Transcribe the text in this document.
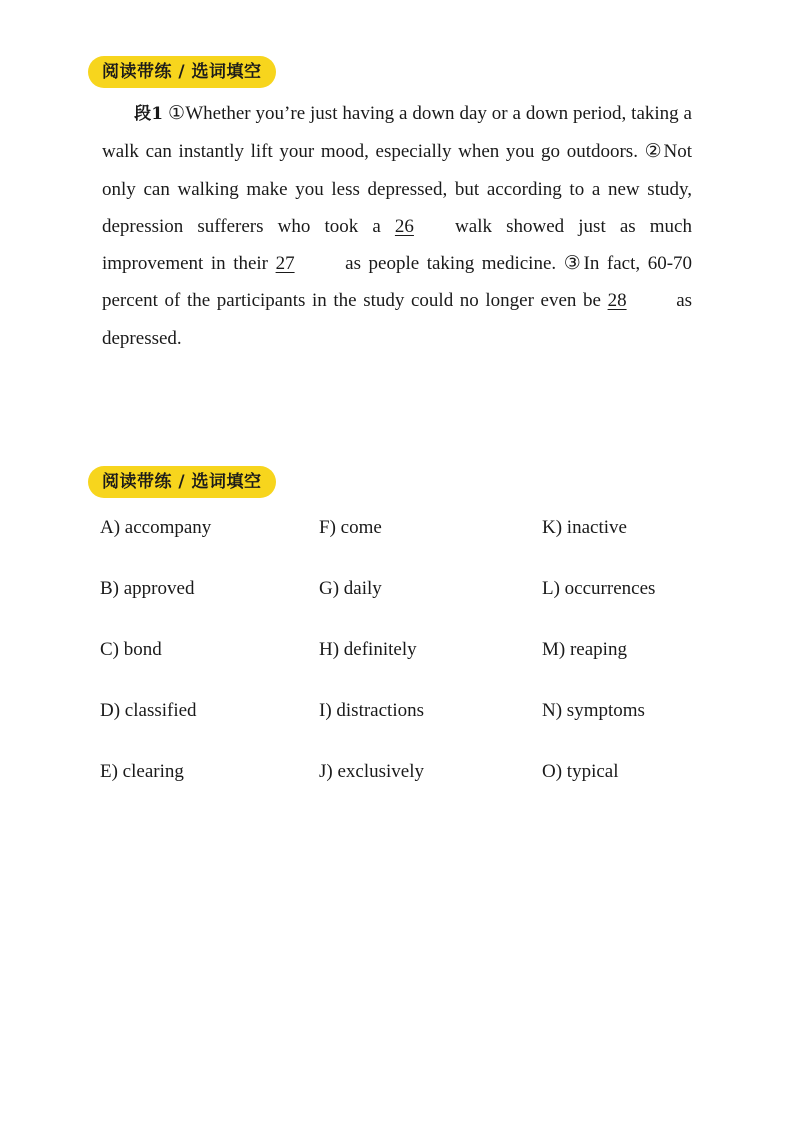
阅读带练 / 选词填空

段1 ①Whether you’re just having a down day or a down period, taking a walk can instantly lift your mood, especially when you go outdoors. ②Not only can walking make you less depressed, but according to a new study, depression sufferers who took a 26 walk showed just as much improvement in their 27	as people taking medicine. ③In fact, 60-70 percent of the participants in the study could no longer even be 28	as depressed.

阅读带练 / 选词填空

A) accompany	F) come	K) inactive

B) approved	G) daily	L) occurrences

C) bond	H) definitely	M) reaping

D) classified	I) distractions	N) symptoms

E) clearing	J) exclusively	O) typical
